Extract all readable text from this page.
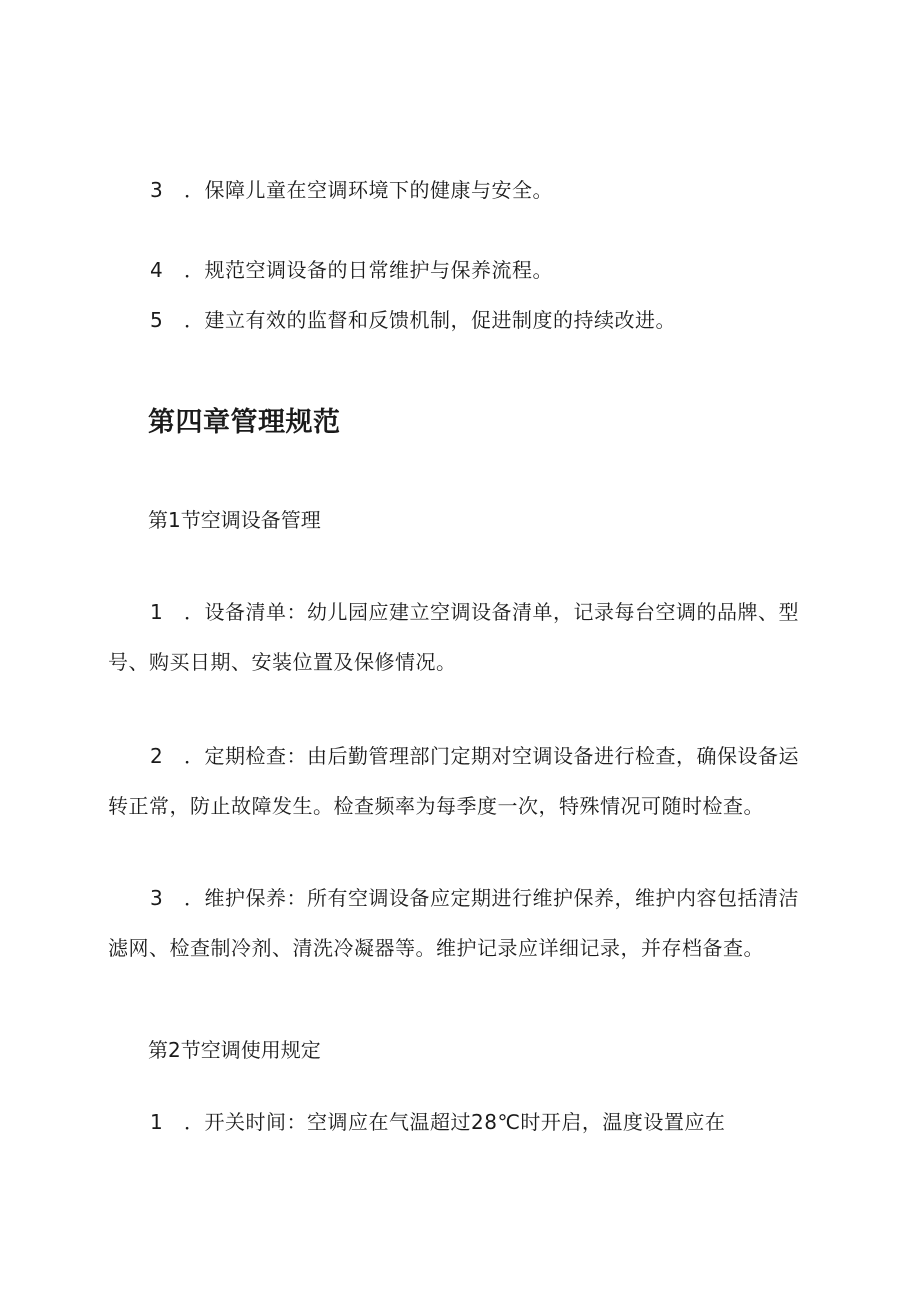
3 ．保障儿童在空调环境下的健康与安全。
4 ．规范空调设备的日常维护与保养流程。
5 ．建立有效的监督和反馈机制，促进制度的持续改进。
第四章管理规范
第1节空调设备管理
1 ．设备清单：幼儿园应建立空调设备清单，记录每台空调的品牌、型
号、购买日期、安装位置及保修情况。
2 ．定期检查：由后勤管理部门定期对空调设备进行检查，确保设备运
转正常，防止故障发生。检查频率为每季度一次，特殊情况可随时检查。
3 ．维护保养：所有空调设备应定期进行维护保养，维护内容包括清洁
滤网、检查制冷剂、清洗冷凝器等。维护记录应详细记录，并存档备查。
第2节空调使用规定
1 ．开关时间：空调应在气温超过28℃时开启，温度设置应在
